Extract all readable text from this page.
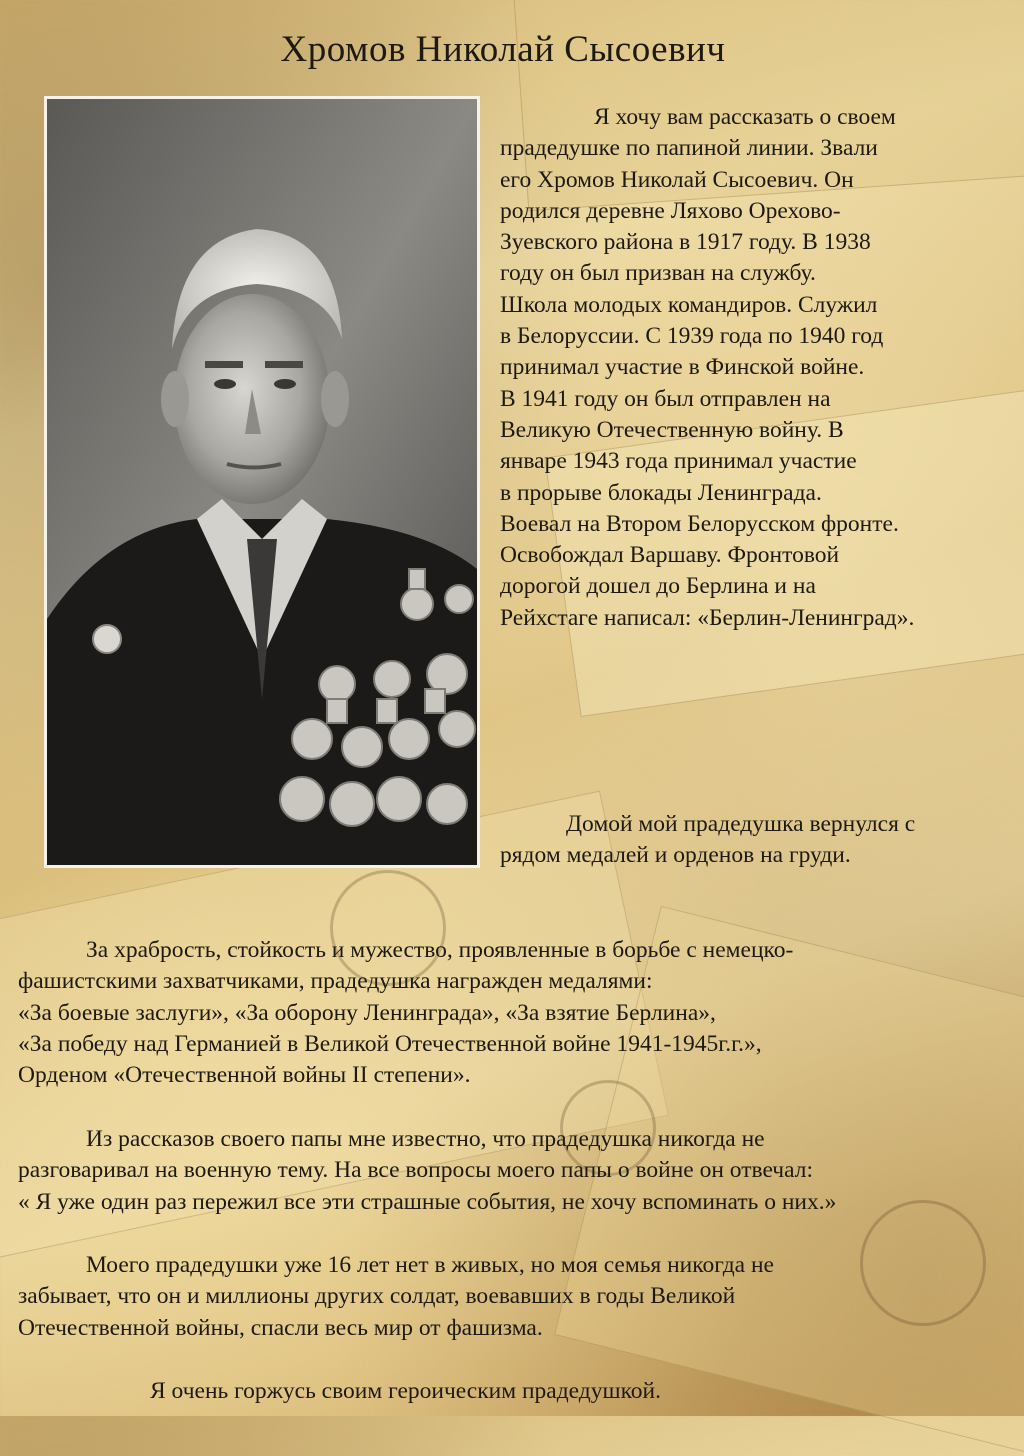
Хромов Николай Сысоевич

Я хочу вам рассказать о своем
прадедушке по папиной линии. Звали
его Хромов Николай Сысоевич. Он
родился деревне Ляхово Орехово-
Зуевского района в 1917 году. В 1938
году он был призван на службу.
Школа молодых командиров. Служил
в Белоруссии. С 1939 года по 1940 год
принимал участие в Финской войне.
В 1941 году он был отправлен на
Великую Отечественную войну. В
январе 1943 года принимал участие
в прорыве блокады Ленинграда.
Воевал на Втором Белорусском фронте.
Освобождал Варшаву. Фронтовой
дорогой дошел до Берлина и на
Рейхстаге написал: «Берлин-Ленинград».

Домой мой прадедушка вернулся с
рядом медалей и орденов на груди.

За храбрость, стойкость и мужество, проявленные в борьбе с немецко-
фашистскими захватчиками, прадедушка награжден медалями:
«За боевые заслуги», «За оборону Ленинграда», «За взятие Берлина»,
«За победу над Германией в Великой Отечественной войне 1941-1945г.г.»,
Орденом «Отечественной войны II степени».

Из рассказов своего папы мне известно, что прадедушка никогда не
разговаривал на военную тему. На все вопросы моего папы о войне он отвечал:
« Я уже один раз пережил все эти страшные события, не хочу вспоминать о них.»

Моего прадедушки уже 16 лет нет в живых, но моя семья никогда не
забывает, что он и миллионы других солдат, воевавших в годы Великой
Отечественной войны, спасли весь мир от фашизма.

Я очень горжусь своим героическим прадедушкой.
